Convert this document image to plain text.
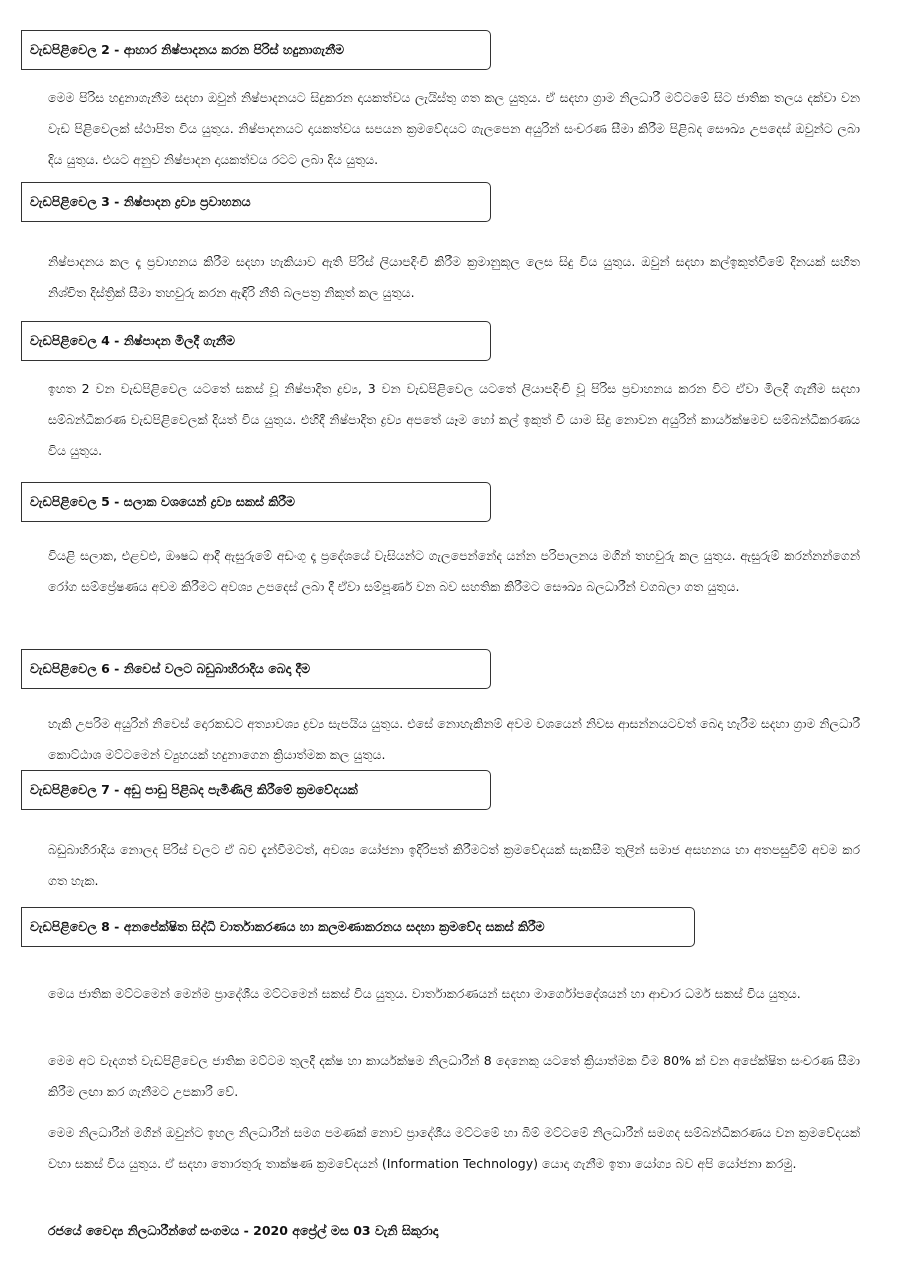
වැඩපිළිවෙල 2 - ආහාර නිෂ්පාදනය කරන පිරිස් හදුනාගැනීම

මෙම පිරිස හදුනාගැනීම සදහා ඔවුන් නිෂ්පාදනයට සිදුකරන දායකත්වය ලැයිස්තු ගත කල යුතුය. ඒ සදහා ග්‍රාම නිලධාරී මට්ටමේ සිට ජාතික තලය දක්වා වන වැඩ පිළිවෙලක් ස්ථාපිත විය යුතුය. නිෂ්පාදනයට දායකත්වය සපයන ක්‍රමවේදයට ගැලපෙන අයුරින් සංචරණ සීමා කිරීම පිළිබද සෞඛ්‍ය උපදෙස් ඔවුන්ට ලබා දිය යුතුය. එයට අනුව නිෂ්පාදන දායකත්වය රටට ලබා දිය යුතුය.

වැඩපිළිවෙල 3 - නිෂ්පාදන ද්‍රව්‍ය ප්‍රවාහනය

නිෂ්පාදනය කල දෑ ප්‍රවාහනය කිරීම සදහා හැකියාව ඇති පිරිස් ලියාපදිංචි කිරීම ක්‍රමානුකූල ලෙස සිදු විය යුතුය. ඔවුන් සදහා කල්ඉකුත්වීමේ දිනයක් සහිත නිශ්චිත දිස්ත්‍රික් සීමා තහවුරු කරන ඇඳිරි නීති බලපත්‍ර නිකුත් කල යුතුය.

වැඩපිළිවෙල 4 - නිෂ්පාදන මිලදී ගැනීම

ඉහත 2 වන වැඩපිළිවෙල යටතේ සකස් වූ නිෂ්පාදිත ද්‍රව්‍ය, 3 වන වැඩපිළිවෙල යටතේ ලියාපදිංචි වූ පිරිස ප්‍රවාහනය කරන විට ඒවා මිලදී ගැනීම සදහා සම්බන්ධීකරණ වැඩපිළිවෙලක් දියත් විය යුතුය. එහිදී නිෂ්පාදිත ද්‍රව්‍ය අපතේ යෑම හෝ කල් ඉකුත් වී යාම සිදු නොවන අයුරින් කාර්යක්ෂමව සම්බන්ධීකරණය විය යුතුය.

වැඩපිළිවෙල 5 - සලාක වශයෙන් ද්‍රව්‍ය සකස් කිරීම

වියළි සලාක, එළවළු, ඖෂධ ආදී ඇසුරුමේ අඩංගු දෑ ප්‍රදේශයේ වැසියන්ට ගැලපෙන්නේද යන්න පරිපාලනය මගින් තහවුරු කල යුතුය. ඇසුරුම් කරන්නන්ගෙන් රෝග සම්ප්‍රේෂණය අවම කිරීමට අවශ්‍ය උපදෙස් ලබා දී ඒවා සම්පූර්ණ වන බව සහතික කිරීමට සෞඛ්‍ය බලධාරීන් වගබලා ගත යුතුය.

වැඩපිළිවෙල 6 - නිවෙස් වලට බඩුබාහිරාදිය බෙදා දීම

හැකි උපරිම අයුරින් නිවෙස් දොරකඩට අත්‍යාවශ්‍ය ද්‍රව්‍ය සැපයිය යුතුය. එසේ නොහැකිනම් අවම වශයෙන් නිවස ආසන්නයටවත් බෙදා හැරීම සදහා ග්‍රාම නිලධාරී කොට්ඨාශ මට්ටමෙන් ව්‍යුහයක් හදුනාගෙන ක්‍රියාත්මක කල යුතුය.

වැඩපිළිවෙල 7 - අඩු පාඩු පිළිබද පැමිණිලි කිරීමේ ක්‍රමවේදයක්

බඩුබාහිරාදිය නොලද පිරිස් වලට ඒ බව දැන්වීමටත්, අවශ්‍ය යෝජනා ඉදිරිපත් කිරීමටත් ක්‍රමවේදයක් සැකසීම තුලින් සමාජ අසහනය හා අතපසුවීම් අවම කර ගත හැක.

වැඩපිළිවෙල 8 - අනපේක්ෂිත සිද්ධි වාර්තාකරණය හා කලමණාකරනය සදහා ක්‍රමවේද සකස් කිරීම

මෙය ජාතික මට්ටමෙන් මෙන්ම ප්‍රාදේශීය මට්ටමෙන් සකස් විය යුතුය. වාර්තාකරණයන් සදහා මාර්ගෝපදේශයන් හා ආචාර ධර්ම සකස් විය යුතුය.

මෙම අට වැදගත් වැඩපිළිවෙල ජාතික මට්ටම තුලදී දක්ෂ හා කාර්යක්ෂම නිලධාරීන් 8 දෙනෙකු යටතේ ක්‍රියාත්මක වීම 80% ක් වන අපේක්ෂිත සංචරණ සීමා කිරීම ලඟා කර ගැනීමට උපකාරී වේ.

මෙම නිලධාරීන් මගින් ඔවුන්ට ඉහල නිලධාරීන් සමග පමණක් නොව ප්‍රාදේශීය මට්ටමේ හා බිම් මට්ටමේ නිලධාරීන් සමගද සම්බන්ධීකරණය වන ක්‍රමවේදයක් වහා සකස් විය යුතුය. ඒ සදහා තොරතුරු තාක්ෂණ ක්‍රමවේදයන් (Information Technology) යොදා ගැනීම ඉතා යෝග්‍ය බව අපි යෝජනා කරමු.

රජයේ වෛද්‍ය නිලධාරීන්ගේ සංගමය - 2020 අප්‍රේල් මස 03 වැනි සිකුරාදා
